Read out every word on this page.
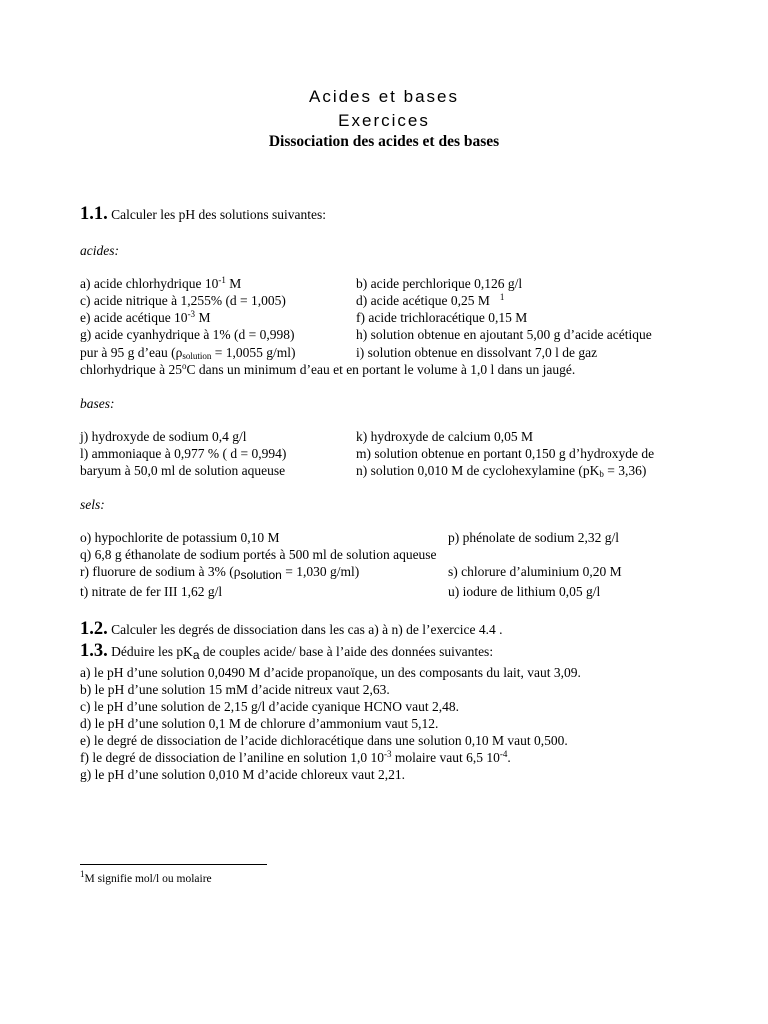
Acides et bases
Exercices
Dissociation des acides et des bases
1.1. Calculer les pH des solutions suivantes:
acides:
a) acide chlorhydrique $10^{-1}$ M	b) acide perchlorique 0,126 g/l
c) acide nitrique à 1,255% (d = 1,005)	d) acide acétique 0,25 M $^1$
e) acide acétique $10^{-3}$ M	f) acide trichloracétique 0,15 M
g) acide cyanhydrique à 1% (d = 0,998)	h) solution obtenue en ajoutant 5,00 g d’acide acétique
pur à 95 g d’eau ($\rho_{solution} = 1,0055$ g/ml)	i) solution obtenue en dissolvant 7,0 l de gaz
chlorhydrique à 25$^o$C dans un minimum d’eau et en portant le volume à 1,0 l dans un jaugé.
bases:
j) hydroxyde de sodium 0,4 g/l	k) hydroxyde de calcium 0,05 M
l) ammoniaque à 0,977 % ( d = 0,994)	m) solution obtenue en portant 0,150 g d’hydroxyde de
baryum à 50,0 ml de solution aqueuse	n) solution 0,010 M de cyclohexylamine $(pK_b = 3,36)$
sels:
o) hypochlorite de potassium 0,10 M	p) phénolate de sodium 2,32 g/l
q) 6,8 g éthanolate de sodium portés à 500 ml de solution aqueuse
r) fluorure de sodium à 3% (ρsolution = 1,030 g/ml)	s) chlorure d’aluminium 0,20 M
t) nitrate de fer III 1,62 g/l	u) iodure de lithium 0,05 g/l
1.2. Calculer les degrés de dissociation dans les cas a) à n) de l’exercice 4.4 .
1.3. Déduire les pKa de couples acide/ base à l’aide des données suivantes:
a) le pH d’une solution 0,0490 M d’acide propanoïque, un des composants du lait, vaut 3,09.
b) le pH d’une solution 15 mM d’acide nitreux vaut 2,63.
c) le pH d’une solution de 2,15 g/l d’acide cyanique HCNO vaut 2,48.
d) le pH d’une solution 0,1 M de chlorure d’ammonium vaut 5,12.
e) le degré de dissociation de l’acide dichloracétique dans une solution 0,10 M vaut 0,500.
f) le degré de dissociation de l’aniline en solution 1,0 $10^{-3}$ molaire vaut 6,5 $10^{-4}$.
g) le pH d’une solution 0,010 M d’acide chloreux vaut 2,21.
$^1$M signifie mol/l ou molaire
